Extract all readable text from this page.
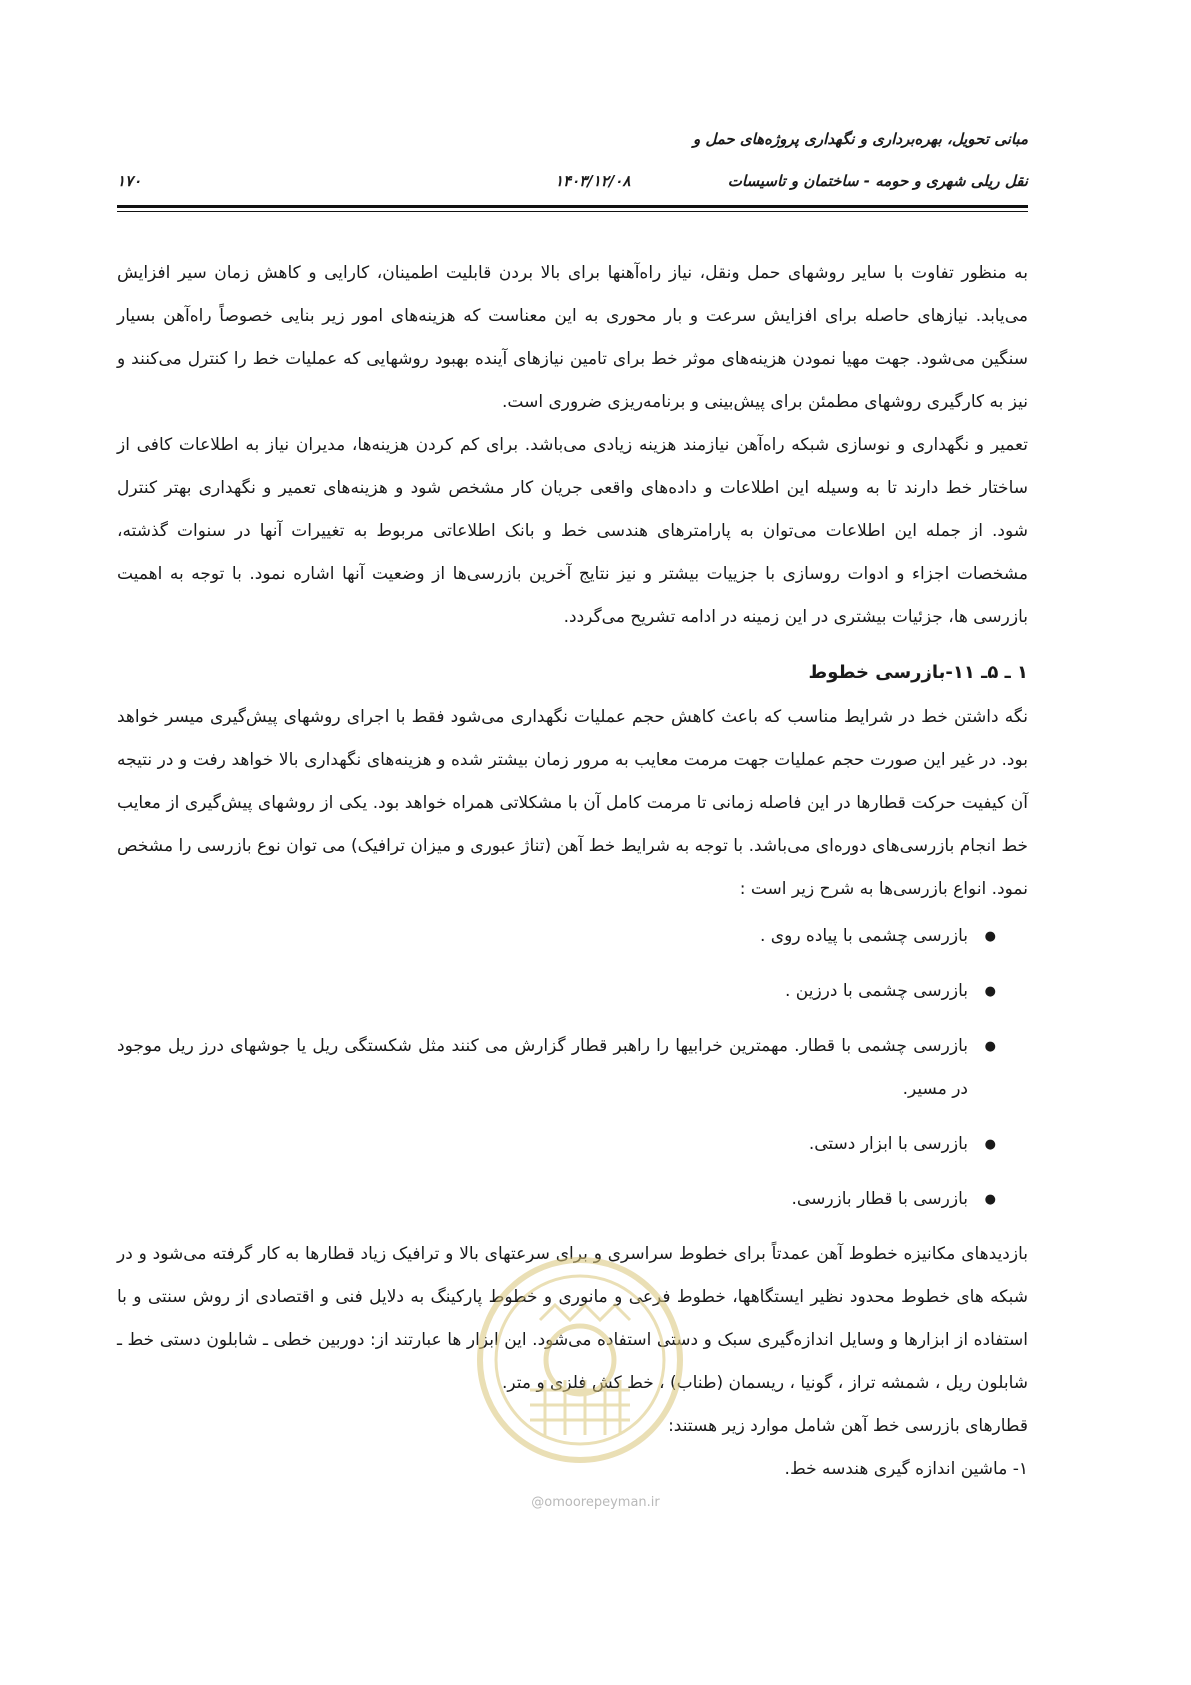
مبانی تحویل، بهره‌برداری و نگهداری پروژه‌های حمل و
نقل ریلی شهری و حومه - ساختمان و تاسیسات
۱۴۰۳/۱۲/۰۸
۱۷۰

به منظور تفاوت با سایر روشهای حمل ونقل، نیاز راه‌آهنها برای بالا بردن قابلیت اطمینان، کارایی و کاهش زمان سیر افزایش می‌یابد. نیازهای حاصله برای افزایش سرعت و بار محوری به این معناست که هزینه‌های امور زیر بنایی خصوصاً راه‌آهن بسیار سنگین می‌شود. جهت مهیا نمودن هزینه‌های موثر خط برای تامین نیازهای آینده بهبود روشهایی که عملیات خط را کنترل می‌کنند و نیز به کارگیری روشهای مطمئن برای پیش‌بینی و برنامه‌ریزی ضروری است.

تعمیر و نگهداری و نوسازی شبکه راه‌آهن نیازمند هزینه زیادی می‌باشد. برای کم کردن هزینه‌ها، مدیران نیاز به اطلاعات کافی از ساختار خط دارند تا به وسیله این اطلاعات و داده‌های واقعی جریان کار مشخص شود و هزینه‌های تعمیر و نگهداری بهتر کنترل شود. از جمله این اطلاعات می‌توان به پارامترهای هندسی خط و بانک اطلاعاتی مربوط به تغییرات آنها در سنوات گذشته، مشخصات اجزاء و ادوات روسازی با جزییات بیشتر و نیز نتایج آخرین بازرسی‌ها از وضعیت آنها اشاره نمود. با توجه به اهمیت بازرسی ها، جزئیات بیشتری در این زمینه در ادامه تشریح می‌گردد.

۱ ـ ۵ـ ۱۱-بازرسی خطوط

نگه داشتن خط در شرایط مناسب که باعث کاهش حجم عملیات نگهداری می‌شود فقط با اجرای روشهای پیش‌گیری میسر خواهد بود. در غیر این صورت حجم عملیات جهت مرمت معایب به مرور زمان بیشتر شده و هزینه‌های نگهداری بالا خواهد رفت و در نتیجه آن کیفیت حرکت قطارها در این فاصله زمانی تا مرمت کامل آن با مشکلاتی همراه خواهد بود. یکی از روشهای پیش‌گیری از معایب خط انجام بازرسی‌های دوره‌ای می‌باشد. با توجه به شرایط خط آهن (تناژ عبوری و میزان ترافیک) می توان نوع بازرسی را مشخص نمود. انواع بازرسی‌ها به شرح زیر است :

● بازرسی چشمی با پیاده روی .
● بازرسی چشمی با درزین .
● بازرسی چشمی با قطار. مهمترین خرابیها را راهبر قطار گزارش می کنند مثل شکستگی ریل یا جوشهای درز ریل موجود در مسیر.
● بازرسی با ابزار دستی.
● بازرسی با قطار بازرسی.

بازدیدهای مکانیزه خطوط آهن عمدتاً برای خطوط سراسری و برای سرعتهای بالا و ترافیک زیاد قطارها به کار گرفته می‌شود و در شبکه های خطوط محدود نظیر ایستگاهها، خطوط فرعی و مانوری و خطوط پارکینگ به دلایل فنی و اقتصادی از روش سنتی و با استفاده از ابزارها و وسایل اندازه‌گیری سبک و دستی استفاده می‌شود. این ابزار ها عبارتند از: دوربین خطی ـ شابلون دستی خط ـ شابلون ریل ، شمشه تراز ، گونیا ، ریسمان (طناب) ، خط کش فلزی و متر.

قطارهای بازرسی خط آهن شامل موارد زیر هستند:

۱- ماشین اندازه گیری هندسه خط.

@omoorepeyman.ir
